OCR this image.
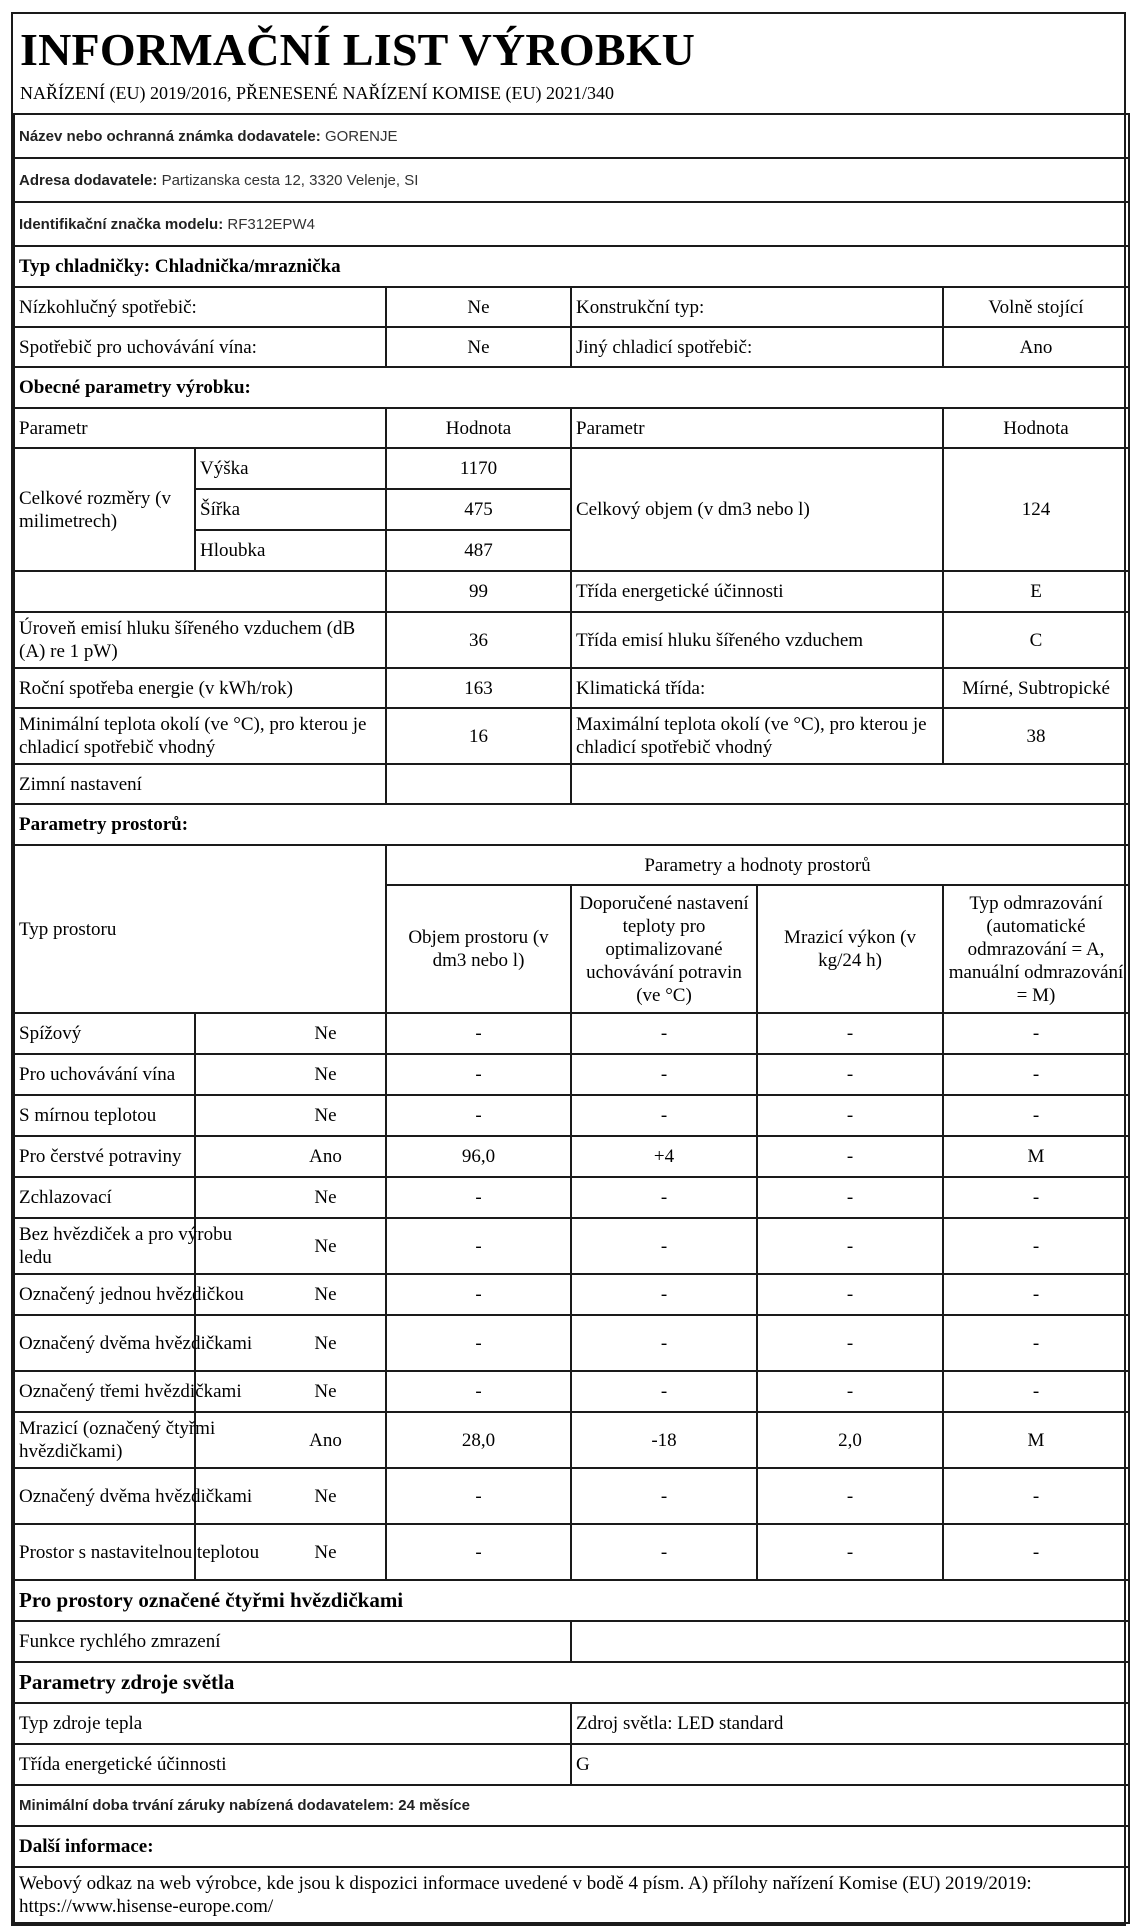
INFORMAČNÍ LIST VÝROBKU
NAŘÍZENÍ (EU) 2019/2016, PŘENESENÉ NAŘÍZENÍ KOMISE (EU) 2021/340					

Název nebo ochranná známka dodavatele: GORENJE					
Adresa dodavatele: Partizanska cesta 12, 3320 Velenje, SI					
Identifikační značka modelu: RF312EPW4					
Typ chladničky: Chladnička/mraznička					
Nízkohlučný spotřebič:		Ne	Konstrukční typ:		Volně stojící
Spotřebič pro uchovávání vína:		Ne	Jiný chladicí spotřebič:		Ano
Obecné parametry výrobku:					
Parametr		Hodnota	Parametr		Hodnota
Celkové rozměry (v milimetrech)	Výška	1170	Celkový objem (v dm3 nebo l)		124
	Šířka	475			
	Hloubka	487			
		99	Třída energetické účinnosti		E
Úroveň emisí hluku šířeného vzduchem (dB (A) re 1 pW)		36	Třída emisí hluku šířeného vzduchem		C
Roční spotřeba energie (v kWh/rok)		163	Klimatická třída:		Mírné, Subtropické
Minimální teplota okolí (ve °C), pro kterou je chladicí spotřebič vhodný		16	Maximální teplota okolí (ve °C), pro kterou je chladicí spotřebič vhodný		38
Zimní nastavení					
Parametry prostorů:					
Typ prostoru		Parametry a hodnoty prostorů			
		Objem prostoru (v dm3 nebo l)	Doporučené nastavení teploty pro optimalizované uchovávání potravin (ve °C)	Mrazicí výkon (v kg/24 h)	Typ odmrazování (automatické odmrazování = A, manuální odmrazování = M)

Spížový	Ne	-	-	-	-

Pro uchovávání vína	Ne	-	-	-	-

S mírnou teplotou	Ne	-	-	-	-

Pro čerstvé potraviny	Ano	96,0	+4	-	M

Zchlazovací	Ne	-	-	-	-

Bez hvězdiček a pro výrobu ledu	Ne	-	-	-	-

Označený jednou hvězdičkou	Ne	-	-	-	-

Označený dvěma hvězdičkami	Ne	-	-	-	-

Označený třemi hvězdičkami	Ne	-	-	-	-

Mrazicí (označený čtyřmi hvězdičkami)	Ano	28,0	-18	2,0	M

Označený dvěma hvězdičkami	Ne	-	-	-	-

Prostor s nastavitelnou teplotou	Ne	-	-	-	-
Pro prostory označené čtyřmi hvězdičkami					
Funkce rychlého zmrazení					
Parametry zdroje světla					
Typ zdroje tepla			Zdroj světla: LED standard		
Třída energetické účinnosti			G		
Minimální doba trvání záruky nabízená dodavatelem: 24 měsíce					
Další informace:					

Webový odkaz na web výrobce, kde jsou k dispozici informace uvedené v bodě 4 písm. A) přílohy nařízení Komise (EU) 2019/2019:
https://www.hisense-europe.com/					
